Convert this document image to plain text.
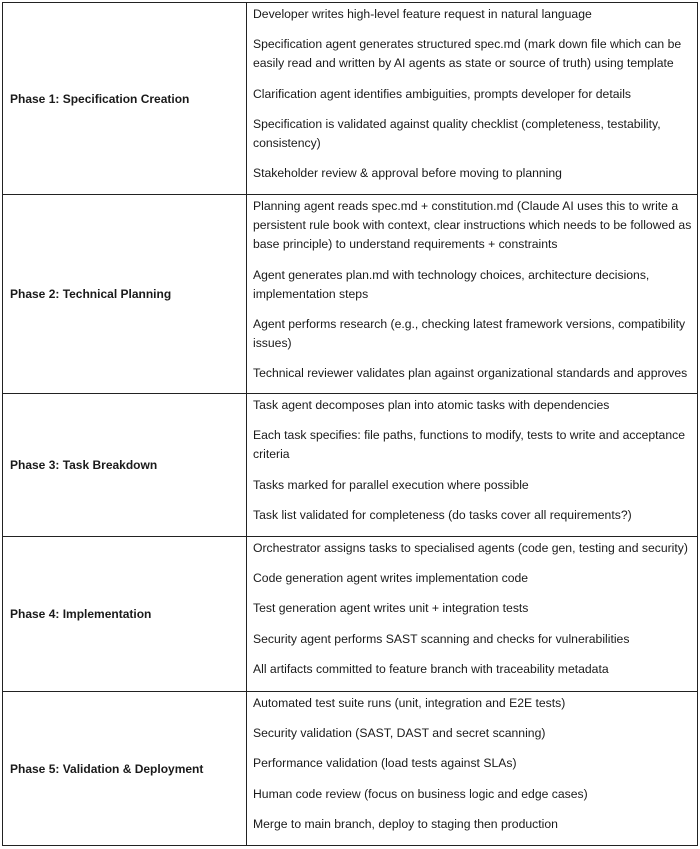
Phase 1: Specification Creation	Developer writes high-level feature request in natural language
Specification agent generates structured spec.md (mark down file which can be easily read and written by AI agents as state or source of truth) using template
Clarification agent identifies ambiguities, prompts developer for details
Specification is validated against quality checklist (completeness, testability, consistency)
Stakeholder review & approval before moving to planning

Phase 2: Technical Planning	Planning agent reads spec.md + constitution.md (Claude AI uses this to write a persistent rule book with context, clear instructions which needs to be followed as base principle) to understand requirements + constraints
Agent generates plan.md with technology choices, architecture decisions, implementation steps
Agent performs research (e.g., checking latest framework versions, compatibility issues)
Technical reviewer validates plan against organizational standards and approves

Phase 3: Task Breakdown	Task agent decomposes plan into atomic tasks with dependencies
Each task specifies: file paths, functions to modify, tests to write and acceptance criteria
Tasks marked for parallel execution where possible
Task list validated for completeness (do tasks cover all requirements?)

Phase 4: Implementation	Orchestrator assigns tasks to specialised agents (code gen, testing and security)
Code generation agent writes implementation code
Test generation agent writes unit + integration tests
Security agent performs SAST scanning and checks for vulnerabilities
All artifacts committed to feature branch with traceability metadata

Phase 5: Validation & Deployment	Automated test suite runs (unit, integration and E2E tests)
Security validation (SAST, DAST and secret scanning)
Performance validation (load tests against SLAs)
Human code review (focus on business logic and edge cases)
Merge to main branch, deploy to staging then production
